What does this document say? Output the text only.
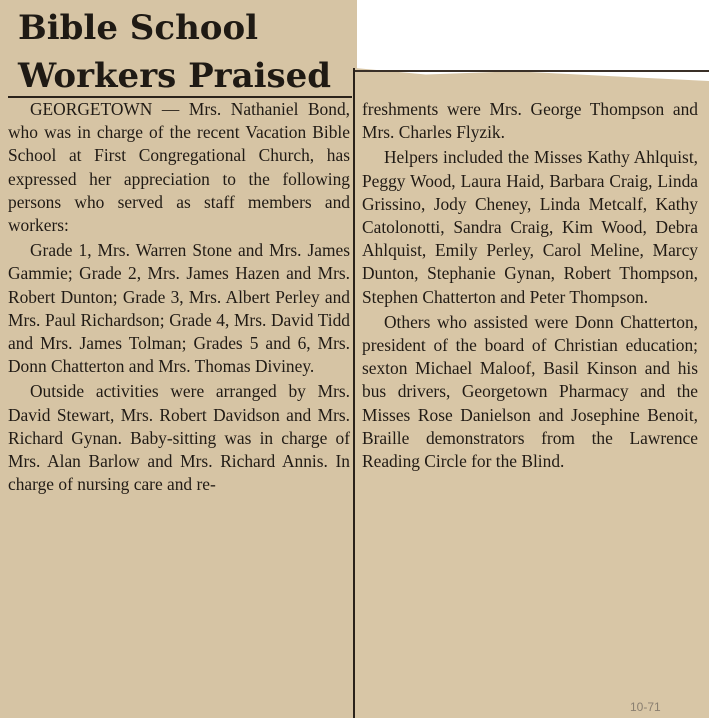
Bible School
Workers Praised

GEORGETOWN — Mrs. Nathaniel Bond, who was in charge of the recent Vacation Bible School at First Congregational Church, has expressed her appreciation to the following persons who served as staff members and workers:

Grade 1, Mrs. Warren Stone and Mrs. James Gammie; Grade 2, Mrs. James Hazen and Mrs. Robert Dunton; Grade 3, Mrs. Albert Perley and Mrs. Paul Richardson; Grade 4, Mrs. David Tidd and Mrs. James Tolman; Grades 5 and 6, Mrs. Donn Chatterton and Mrs. Thomas Diviney.

Outside activities were arranged by Mrs. David Stewart, Mrs. Robert Davidson and Mrs. Richard Gynan. Baby-sitting was in charge of Mrs. Alan Barlow and Mrs. Richard Annis. In charge of nursing care and re-

freshments were Mrs. George Thompson and Mrs. Charles Flyzik.

Helpers included the Misses Kathy Ahlquist, Peggy Wood, Laura Haid, Barbara Craig, Linda Grissino, Jody Cheney, Linda Metcalf, Kathy Catolonotti, Sandra Craig, Kim Wood, Debra Ahlquist, Emily Perley, Carol Meline, Marcy Dunton, Stephanie Gynan, Robert Thompson, Stephen Chatterton and Peter Thompson.

Others who assisted were Donn Chatterton, president of the board of Christian education; sexton Michael Maloof, Basil Kinson and his bus drivers, Georgetown Pharmacy and the Misses Rose Danielson and Josephine Benoit, Braille demonstrators from the Lawrence Reading Circle for the Blind.

10-71
